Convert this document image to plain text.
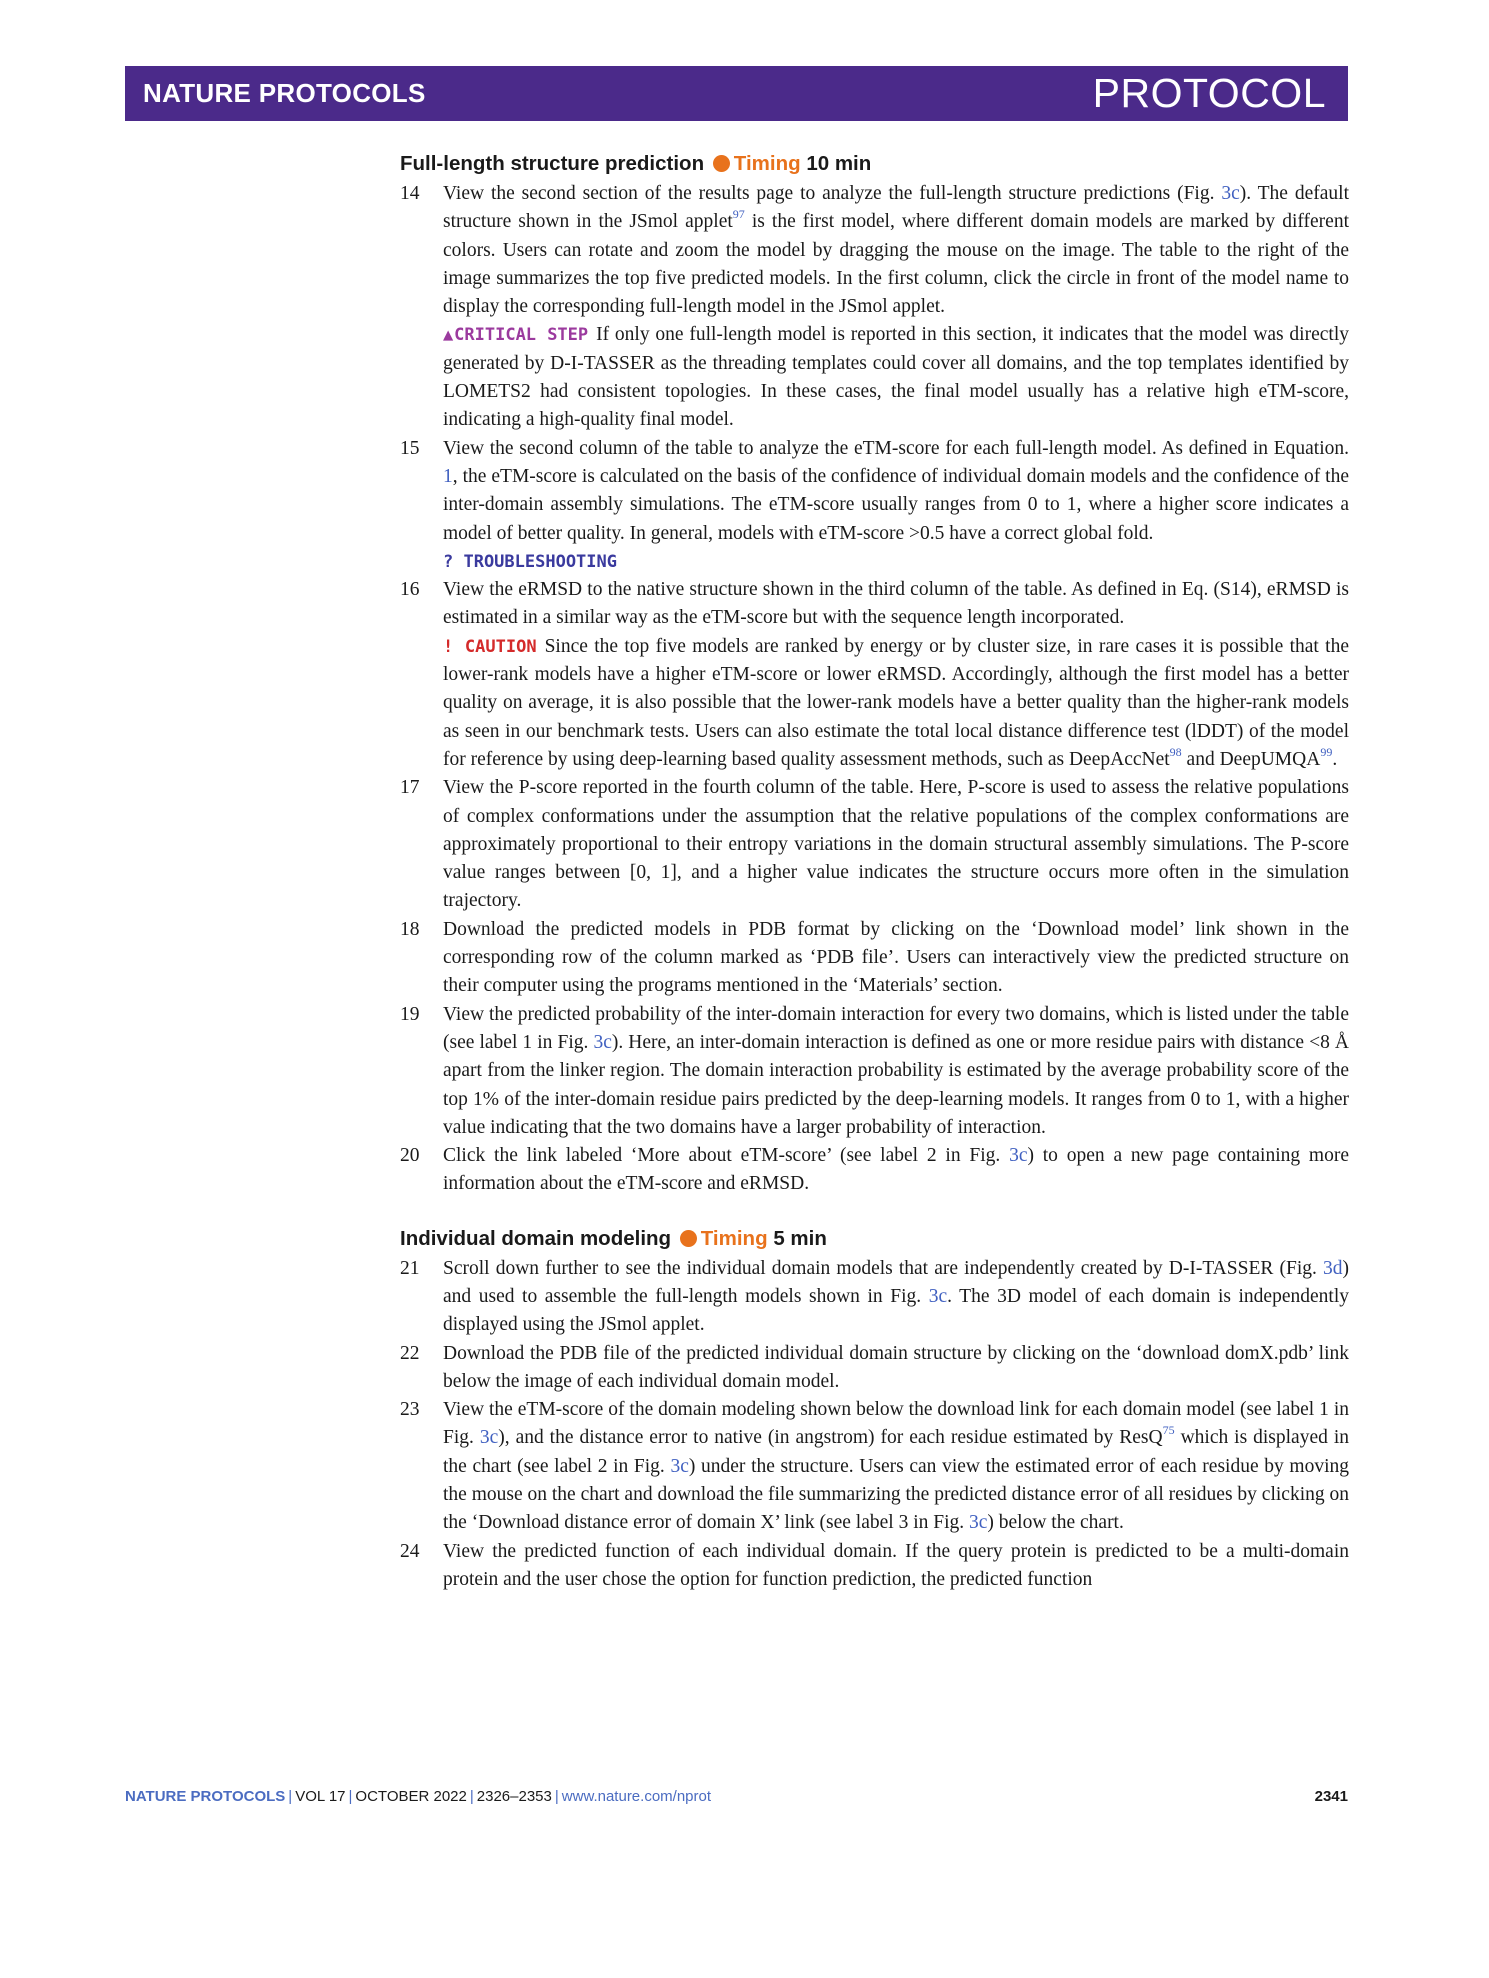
NATURE PROTOCOLS	PROTOCOL
Full-length structure prediction Timing 10 min
14 View the second section of the results page to analyze the full-length structure predictions (Fig. 3c). The default structure shown in the JSmol applet$^{97}$ is the first model, where different domain models are marked by different colors. Users can rotate and zoom the model by dragging the mouse on the image. The table to the right of the image summarizes the top five predicted models. In the first column, click the circle in front of the model name to display the corresponding full-length model in the JSmol applet.
▲CRITICAL STEP If only one full-length model is reported in this section, it indicates that the model was directly generated by D-I-TASSER as the threading templates could cover all domains, and the top templates identified by LOMETS2 had consistent topologies. In these cases, the final model usually has a relative high eTM-score, indicating a high-quality final model.
15 View the second column of the table to analyze the eTM-score for each full-length model. As defined in Equation. 1, the eTM-score is calculated on the basis of the confidence of individual domain models and the confidence of the inter-domain assembly simulations. The eTM-score usually ranges from 0 to 1, where a higher score indicates a model of better quality. In general, models with eTM-score >0.5 have a correct global fold.
? TROUBLESHOOTING
16 View the eRMSD to the native structure shown in the third column of the table. As defined in Eq. (S14), eRMSD is estimated in a similar way as the eTM-score but with the sequence length incorporated.
! CAUTION Since the top five models are ranked by energy or by cluster size, in rare cases it is possible that the lower-rank models have a higher eTM-score or lower eRMSD. Accordingly, although the first model has a better quality on average, it is also possible that the lower-rank models have a better quality than the higher-rank models as seen in our benchmark tests. Users can also estimate the total local distance difference test (lDDT) of the model for reference by using deep-learning based quality assessment methods, such as DeepAccNet$^{98}$ and DeepUMQA$^{99}$.
17 View the P-score reported in the fourth column of the table. Here, P-score is used to assess the relative populations of complex conformations under the assumption that the relative populations of the complex conformations are approximately proportional to their entropy variations in the domain structural assembly simulations. The P-score value ranges between [0, 1], and a higher value indicates the structure occurs more often in the simulation trajectory.
18 Download the predicted models in PDB format by clicking on the ‘Download model’ link shown in the corresponding row of the column marked as ‘PDB file’. Users can interactively view the predicted structure on their computer using the programs mentioned in the ‘Materials’ section.
19 View the predicted probability of the inter-domain interaction for every two domains, which is listed under the table (see label 1 in Fig. 3c). Here, an inter-domain interaction is defined as one or more residue pairs with distance <8 Å apart from the linker region. The domain interaction probability is estimated by the average probability score of the top 1% of the inter-domain residue pairs predicted by the deep-learning models. It ranges from 0 to 1, with a higher value indicating that the two domains have a larger probability of interaction.
20 Click the link labeled ‘More about eTM-score’ (see label 2 in Fig. 3c) to open a new page containing more information about the eTM-score and eRMSD.
Individual domain modeling Timing 5 min
21 Scroll down further to see the individual domain models that are independently created by D-I-TASSER (Fig. 3d) and used to assemble the full-length models shown in Fig. 3c. The 3D model of each domain is independently displayed using the JSmol applet.
22 Download the PDB file of the predicted individual domain structure by clicking on the ‘download domX.pdb’ link below the image of each individual domain model.
23 View the eTM-score of the domain modeling shown below the download link for each domain model (see label 1 in Fig. 3c), and the distance error to native (in angstrom) for each residue estimated by ResQ$^{75}$ which is displayed in the chart (see label 2 in Fig. 3c) under the structure. Users can view the estimated error of each residue by moving the mouse on the chart and download the file summarizing the predicted distance error of all residues by clicking on the ‘Download distance error of domain X’ link (see label 3 in Fig. 3c) below the chart.
24 View the predicted function of each individual domain. If the query protein is predicted to be a multi-domain protein and the user chose the option for function prediction, the predicted function
NATURE PROTOCOLS | VOL 17 | OCTOBER 2022 | 2326–2353 | www.nature.com/nprot	2341
